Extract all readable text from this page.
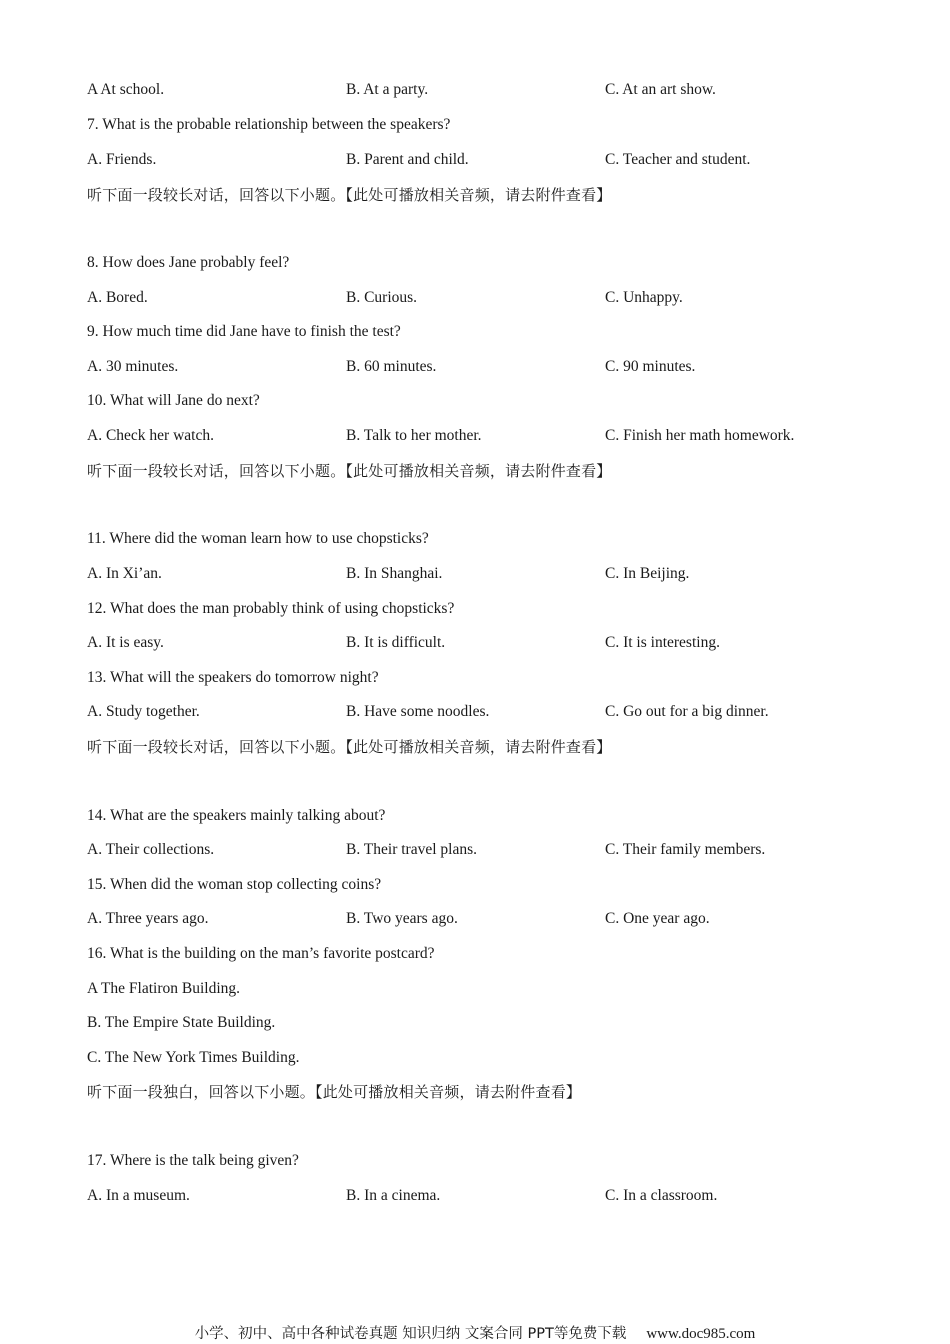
A At school.	B. At a party.	C. At an art show.
7. What is the probable relationship between the speakers?
A. Friends.	B. Parent and child.	C. Teacher and student.
听下面一段较长对话，回答以下小题。【此处可播放相关音频，请去附件查看】
8. How does Jane probably feel?
A. Bored.	B. Curious.	C. Unhappy.
9. How much time did Jane have to finish the test?
A. 30 minutes.	B. 60 minutes.	C. 90 minutes.
10. What will Jane do next?
A. Check her watch.	B. Talk to her mother.	C. Finish her math homework.
听下面一段较长对话，回答以下小题。【此处可播放相关音频，请去附件查看】
11. Where did the woman learn how to use chopsticks?
A. In Xi’an.	B. In Shanghai.	C. In Beijing.
12. What does the man probably think of using chopsticks?
A. It is easy.	B. It is difficult.	C. It is interesting.
13. What will the speakers do tomorrow night?
A. Study together.	B. Have some noodles.	C. Go out for a big dinner.
听下面一段较长对话，回答以下小题。【此处可播放相关音频，请去附件查看】
14. What are the speakers mainly talking about?
A. Their collections.	B. Their travel plans.	C. Their family members.
15. When did the woman stop collecting coins?
A. Three years ago.	B. Two years ago.	C. One year ago.
16. What is the building on the man’s favorite postcard?
A The Flatiron Building.
B. The Empire State Building.
C. The New York Times Building.
听下面一段独白，回答以下小题。【此处可播放相关音频，请去附件查看】
17. Where is the talk being given?
A. In a museum.	B. In a cinema.	C. In a classroom.
小学、初中、高中各种试卷真题 知识归纳 文案合同 PPT等免费下载 www.doc985.com
